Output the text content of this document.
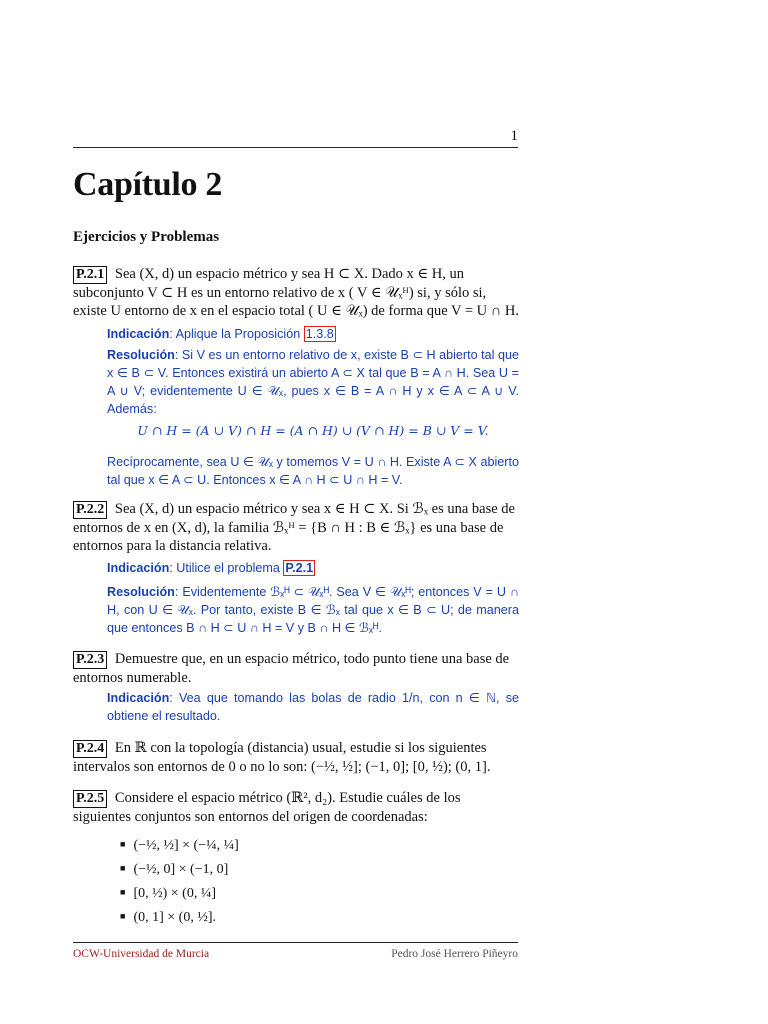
1
Capítulo 2
Ejercicios y Problemas
P.2.1 Sea (X, d) un espacio métrico y sea H ⊂ X. Dado x ∈ H, un subconjunto V ⊂ H es un entorno relativo de x ( V ∈ 𝒰ₓᴴ) si, y sólo si, existe U entorno de x en el espacio total ( U ∈ 𝒰ₓ) de forma que V = U ∩ H.
Indicación: Aplique la Proposición 1.3.8
Resolución: Si V es un entorno relativo de x, existe B ⊂ H abierto tal que x ∈ B ⊂ V. Entonces existirá un abierto A ⊂ X tal que B = A ∩ H. Sea U = A ∪ V; evidentemente U ∈ 𝒰ₓ, pues x ∈ B = A ∩ H y x ∈ A ⊂ A ∪ V. Además:
U ∩ H = (A ∪ V) ∩ H = (A ∩ H) ∪ (V ∩ H) = B ∪ V = V.
Recíprocamente, sea U ∈ 𝒰ₓ y tomemos V = U ∩ H. Existe A ⊂ X abierto tal que x ∈ A ⊂ U. Entonces x ∈ A ∩ H ⊂ U ∩ H = V.
P.2.2 Sea (X, d) un espacio métrico y sea x ∈ H ⊂ X. Si ℬₓ es una base de entornos de x en (X, d), la familia ℬₓᴴ = {B ∩ H : B ∈ ℬₓ} es una base de entornos para la distancia relativa.
Indicación: Utilice el problema P.2.1
Resolución: Evidentemente ℬₓᴴ ⊂ 𝒰ₓᴴ. Sea V ∈ 𝒰ₓᴴ; entonces V = U ∩ H, con U ∈ 𝒰ₓ. Por tanto, existe B ∈ ℬₓ tal que x ∈ B ⊂ U; de manera que entonces B ∩ H ⊂ U ∩ H = V y B ∩ H ∈ ℬₓᴴ.
P.2.3 Demuestre que, en un espacio métrico, todo punto tiene una base de entornos numerable.
Indicación: Vea que tomando las bolas de radio 1/n, con n ∈ ℕ, se obtiene el resultado.
P.2.4 En ℝ con la topología (distancia) usual, estudie si los siguientes intervalos son entornos de 0 o no lo son: (−½, ½]; (−1, 0]; [0, ½); (0, 1].
P.2.5 Considere el espacio métrico (ℝ², d₂). Estudie cuáles de los siguientes conjuntos son entornos del origen de coordenadas:
■ (−½, ½] × (−¼, ¼]
■ (−½, 0] × (−1, 0]
■ [0, ½) × (0, ¼]
■ (0, 1] × (0, ½].
OCW-Universidad de Murcia	Pedro José Herrero Piñeyro
